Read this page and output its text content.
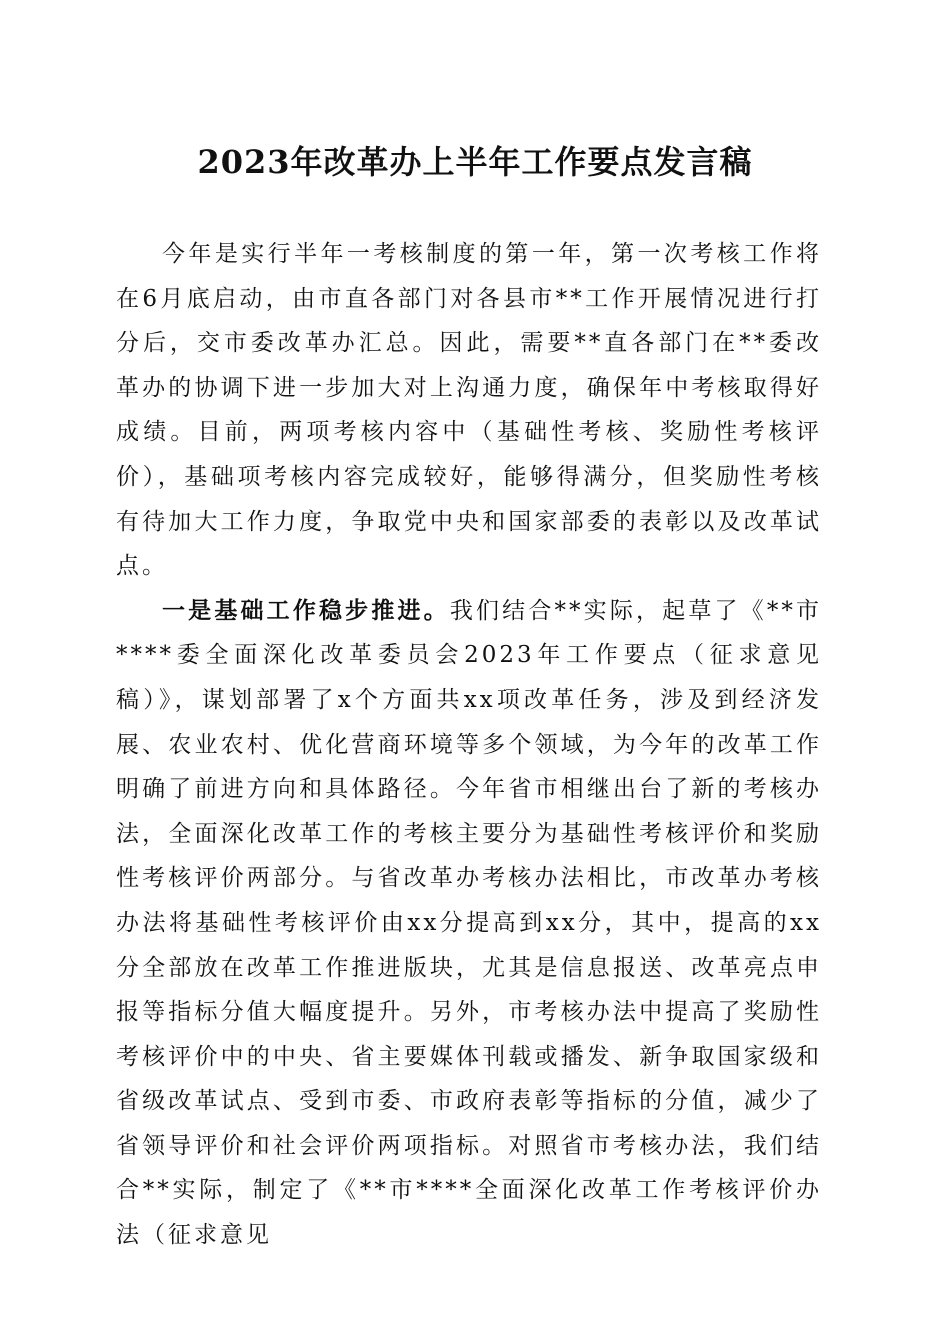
2023年改革办上半年工作要点发言稿

今年是实行半年一考核制度的第一年，第一次考核工作将在6月底启动，由市直各部门对各县市**工作开展情况进行打分后，交市委改革办汇总。因此，需要**直各部门在**委改革办的协调下进一步加大对上沟通力度，确保年中考核取得好成绩。目前，两项考核内容中（基础性考核、奖励性考核评价），基础项考核内容完成较好，能够得满分，但奖励性考核有待加大工作力度，争取党中央和国家部委的表彰以及改革试点。

一是基础工作稳步推进。我们结合**实际，起草了《**市****委全面深化改革委员会2023年工作要点（征求意见稿）》，谋划部署了x个方面共xx项改革任务，涉及到经济发展、农业农村、优化营商环境等多个领域，为今年的改革工作明确了前进方向和具体路径。今年省市相继出台了新的考核办法，全面深化改革工作的考核主要分为基础性考核评价和奖励性考核评价两部分。与省改革办考核办法相比，市改革办考核办法将基础性考核评价由xx分提高到xx分，其中，提高的xx分全部放在改革工作推进版块，尤其是信息报送、改革亮点申报等指标分值大幅度提升。另外，市考核办法中提高了奖励性考核评价中的中央、省主要媒体刊载或播发、新争取国家级和省级改革试点、受到市委、市政府表彰等指标的分值，减少了省领导评价和社会评价两项指标。对照省市考核办法，我们结合**实际，制定了《**市****全面深化改革工作考核评价办法（征求意见
